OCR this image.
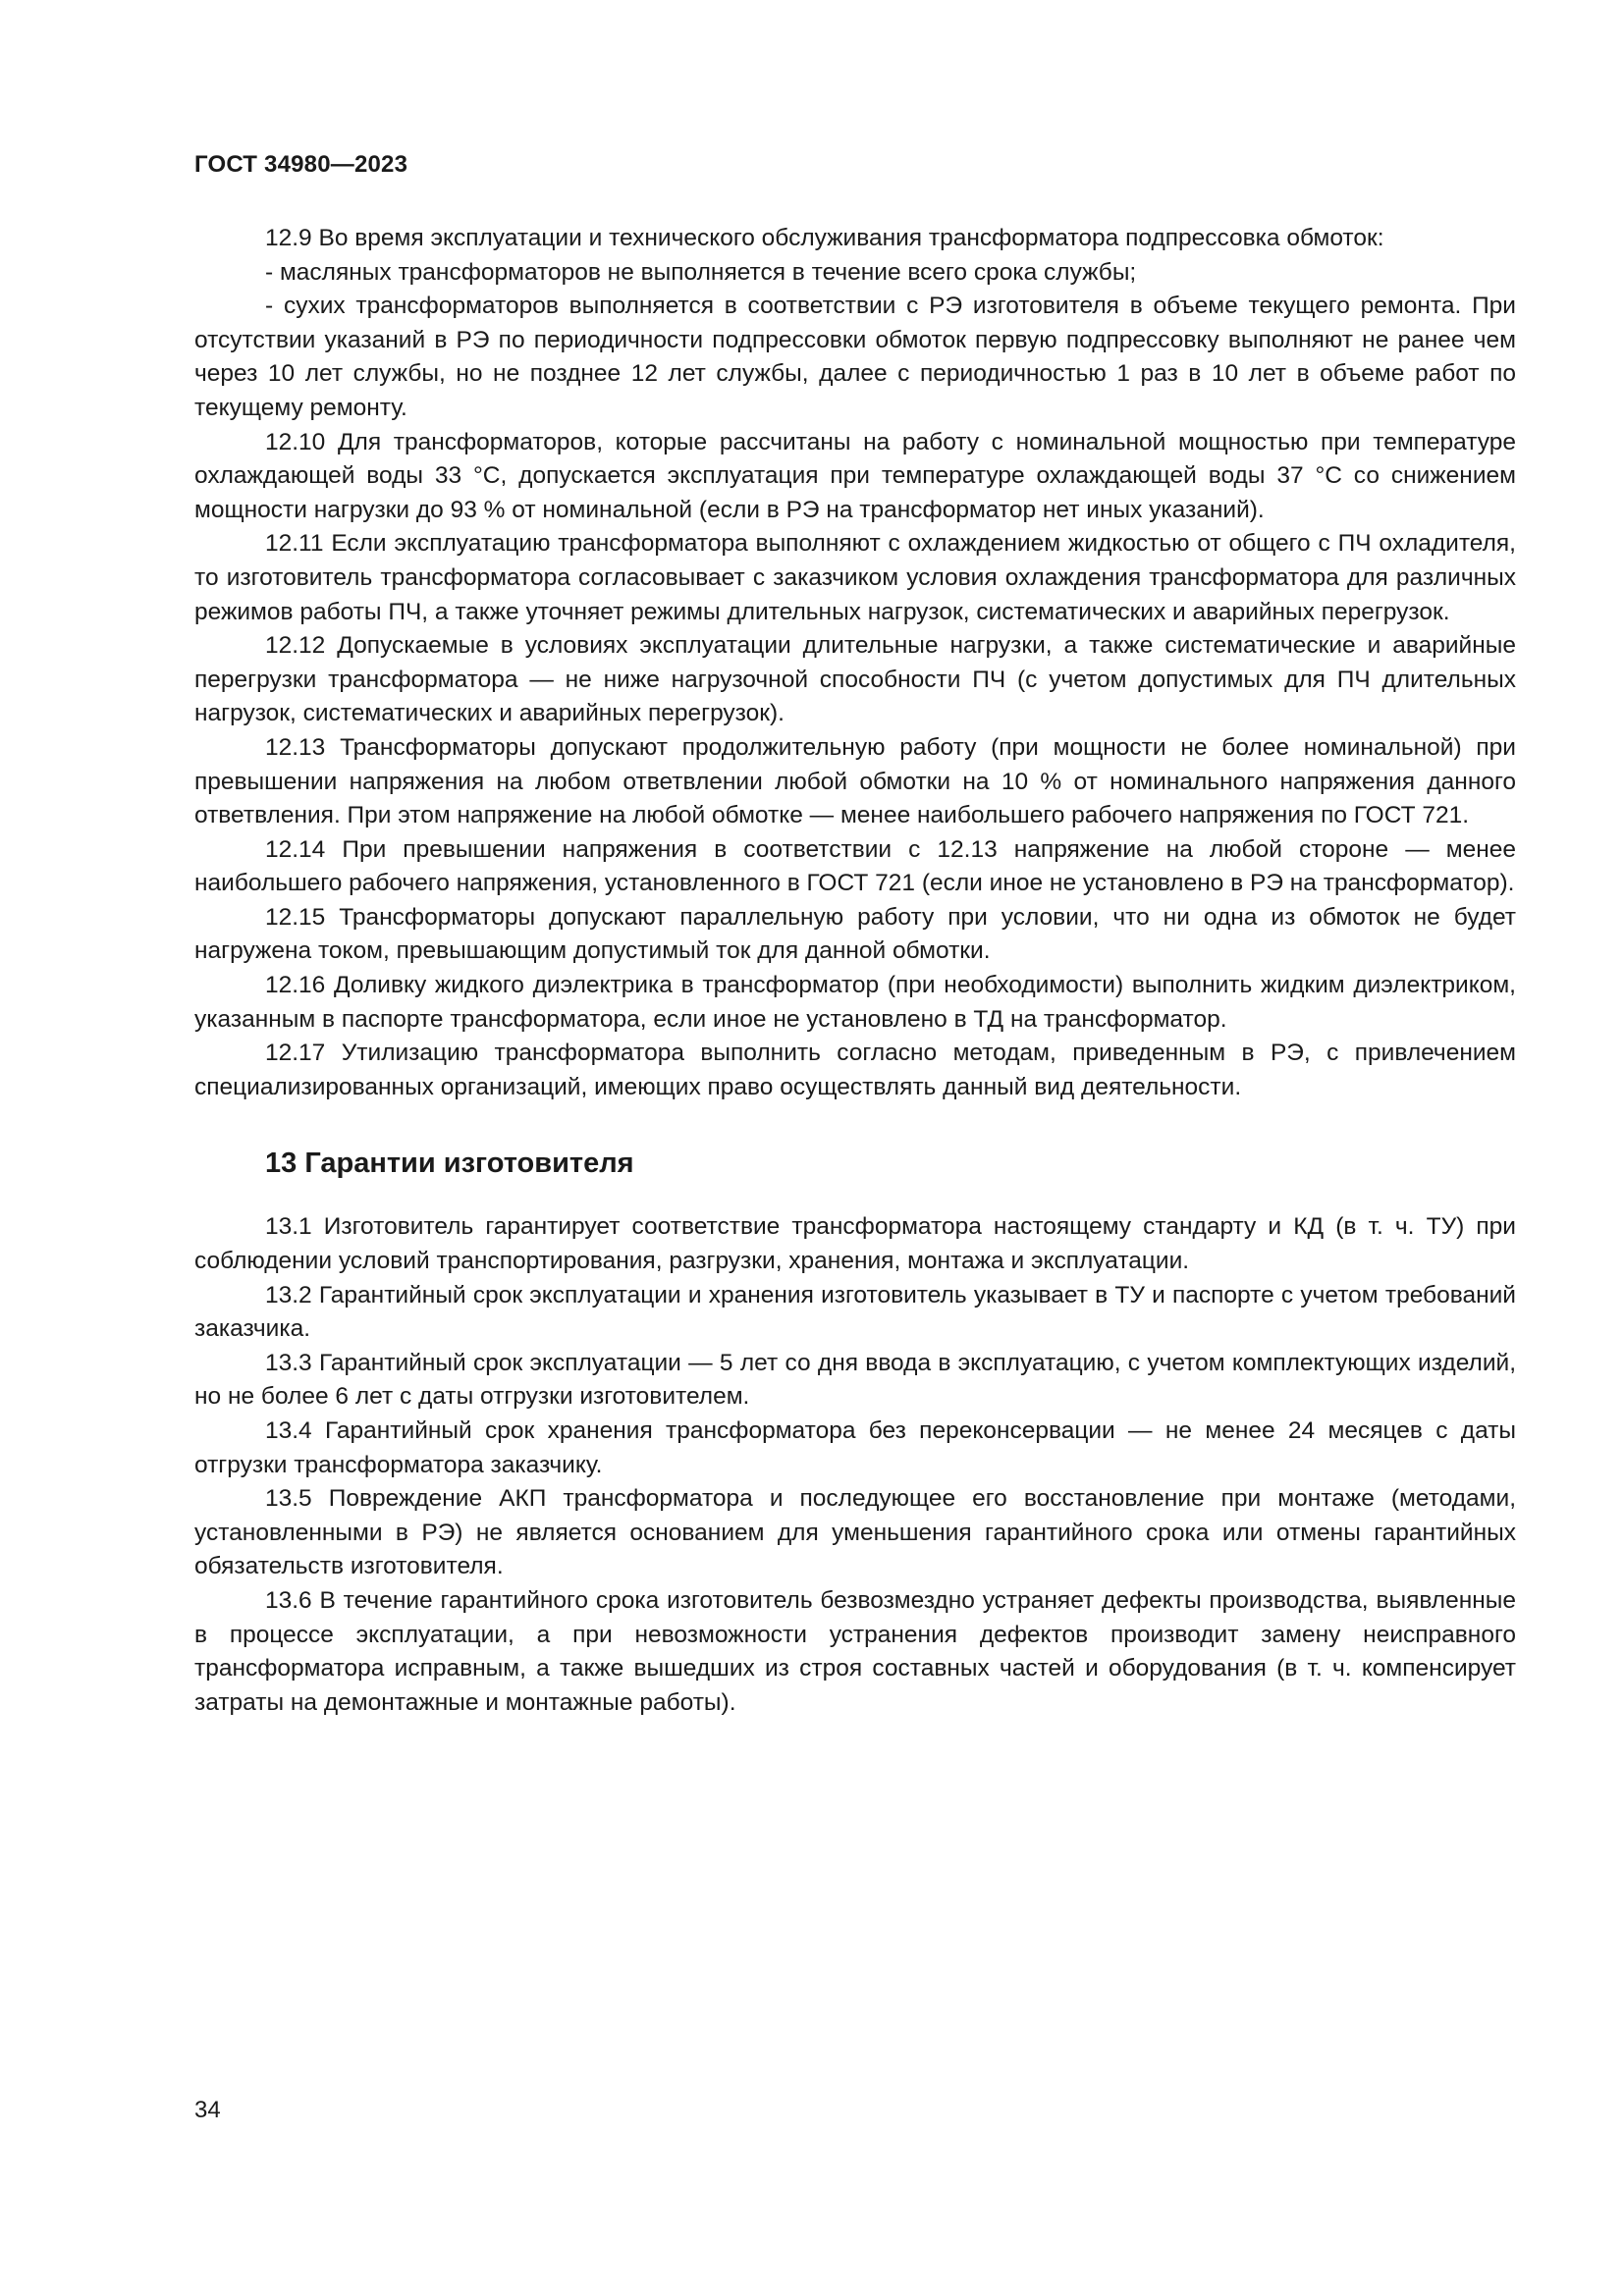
ГОСТ 34980—2023

12.9 Во время эксплуатации и технического обслуживания трансформатора подпрессовка обмоток:

- масляных трансформаторов не выполняется в течение всего срока службы;

- сухих трансформаторов выполняется в соответствии с РЭ изготовителя в объеме текущего ремонта. При отсутствии указаний в РЭ по периодичности подпрессовки обмоток первую подпрессовку выполняют не ранее чем через 10 лет службы, но не позднее 12 лет службы, далее с периодичностью 1 раз в 10 лет в объеме работ по текущему ремонту.

12.10 Для трансформаторов, которые рассчитаны на работу с номинальной мощностью при температуре охлаждающей воды 33 °С, допускается эксплуатация при температуре охлаждающей воды 37 °С со снижением мощности нагрузки до 93 % от номинальной (если в РЭ на трансформатор нет иных указаний).

12.11 Если эксплуатацию трансформатора выполняют с охлаждением жидкостью от общего с ПЧ охладителя, то изготовитель трансформатора согласовывает с заказчиком условия охлаждения трансформатора для различных режимов работы ПЧ, а также уточняет режимы длительных нагрузок, систематических и аварийных перегрузок.

12.12 Допускаемые в условиях эксплуатации длительные нагрузки, а также систематические и аварийные перегрузки трансформатора — не ниже нагрузочной способности ПЧ (с учетом допустимых для ПЧ длительных нагрузок, систематических и аварийных перегрузок).

12.13 Трансформаторы допускают продолжительную работу (при мощности не более номинальной) при превышении напряжения на любом ответвлении любой обмотки на 10 % от номинального напряжения данного ответвления. При этом напряжение на любой обмотке — менее наибольшего рабочего напряжения по ГОСТ 721.

12.14 При превышении напряжения в соответствии с 12.13 напряжение на любой стороне — менее наибольшего рабочего напряжения, установленного в ГОСТ 721 (если иное не установлено в РЭ на трансформатор).

12.15 Трансформаторы допускают параллельную работу при условии, что ни одна из обмоток не будет нагружена током, превышающим допустимый ток для данной обмотки.

12.16 Доливку жидкого диэлектрика в трансформатор (при необходимости) выполнить жидким диэлектриком, указанным в паспорте трансформатора, если иное не установлено в ТД на трансформатор.

12.17 Утилизацию трансформатора выполнить согласно методам, приведенным в РЭ, с привлечением специализированных организаций, имеющих право осуществлять данный вид деятельности.

13 Гарантии изготовителя

13.1 Изготовитель гарантирует соответствие трансформатора настоящему стандарту и КД (в т. ч. ТУ) при соблюдении условий транспортирования, разгрузки, хранения, монтажа и эксплуатации.

13.2 Гарантийный срок эксплуатации и хранения изготовитель указывает в ТУ и паспорте с учетом требований заказчика.

13.3 Гарантийный срок эксплуатации — 5 лет со дня ввода в эксплуатацию, с учетом комплектующих изделий, но не более 6 лет с даты отгрузки изготовителем.

13.4 Гарантийный срок хранения трансформатора без переконсервации — не менее 24 месяцев с даты отгрузки трансформатора заказчику.

13.5 Повреждение АКП трансформатора и последующее его восстановление при монтаже (методами, установленными в РЭ) не является основанием для уменьшения гарантийного срока или отмены гарантийных обязательств изготовителя.

13.6 В течение гарантийного срока изготовитель безвозмездно устраняет дефекты производства, выявленные в процессе эксплуатации, а при невозможности устранения дефектов производит замену неисправного трансформатора исправным, а также вышедших из строя составных частей и оборудования (в т. ч. компенсирует затраты на демонтажные и монтажные работы).

34
